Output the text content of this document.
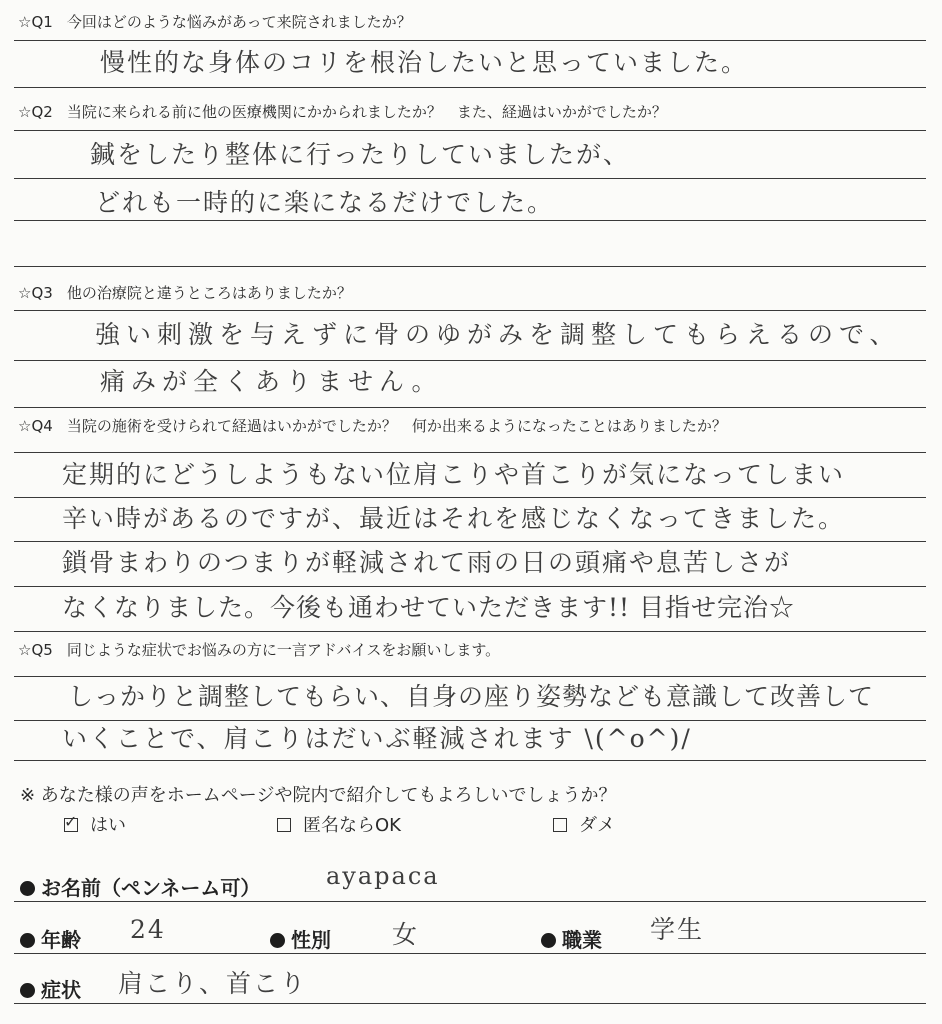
☆Q1 今回はどのような悩みがあって来院されましたか？
慢性的な身体のコリを根治したいと思っていました。
☆Q2 当院に来られる前に他の医療機関にかかられましたか？　また、経過はいかがでしたか？
鍼をしたり整体に行ったりしていましたが、
どれも一時的に楽になるだけでした。
☆Q3 他の治療院と違うところはありましたか？
強い刺激を与えずに骨のゆがみを調整してもらえるので、
痛みが全くありません。
☆Q4 当院の施術を受けられて経過はいかがでしたか？　何か出来るようになったことはありましたか？
定期的にどうしようもない位肩こりや首こりが気になってしまい
辛い時があるのですが、最近はそれを感じなくなってきました。
鎖骨まわりのつまりが軽減されて雨の日の頭痛や息苦しさが
なくなりました。今後も通わせていただきます!! 目指せ完治☆
☆Q5 同じような症状でお悩みの方に一言アドバイスをお願いします。
しっかりと調整してもらい、自身の座り姿勢なども意識して改善して
いくことで、肩こりはだいぶ軽減されます \(^o^)/
※ あなた様の声をホームページや院内で紹介してもよろしいでしょうか？
✓ はい	匿名ならOK	ダメ
お名前（ペンネーム可）	ayapaca
年齢 24	性別 女	職業 学生
症状 肩こり、首こり
